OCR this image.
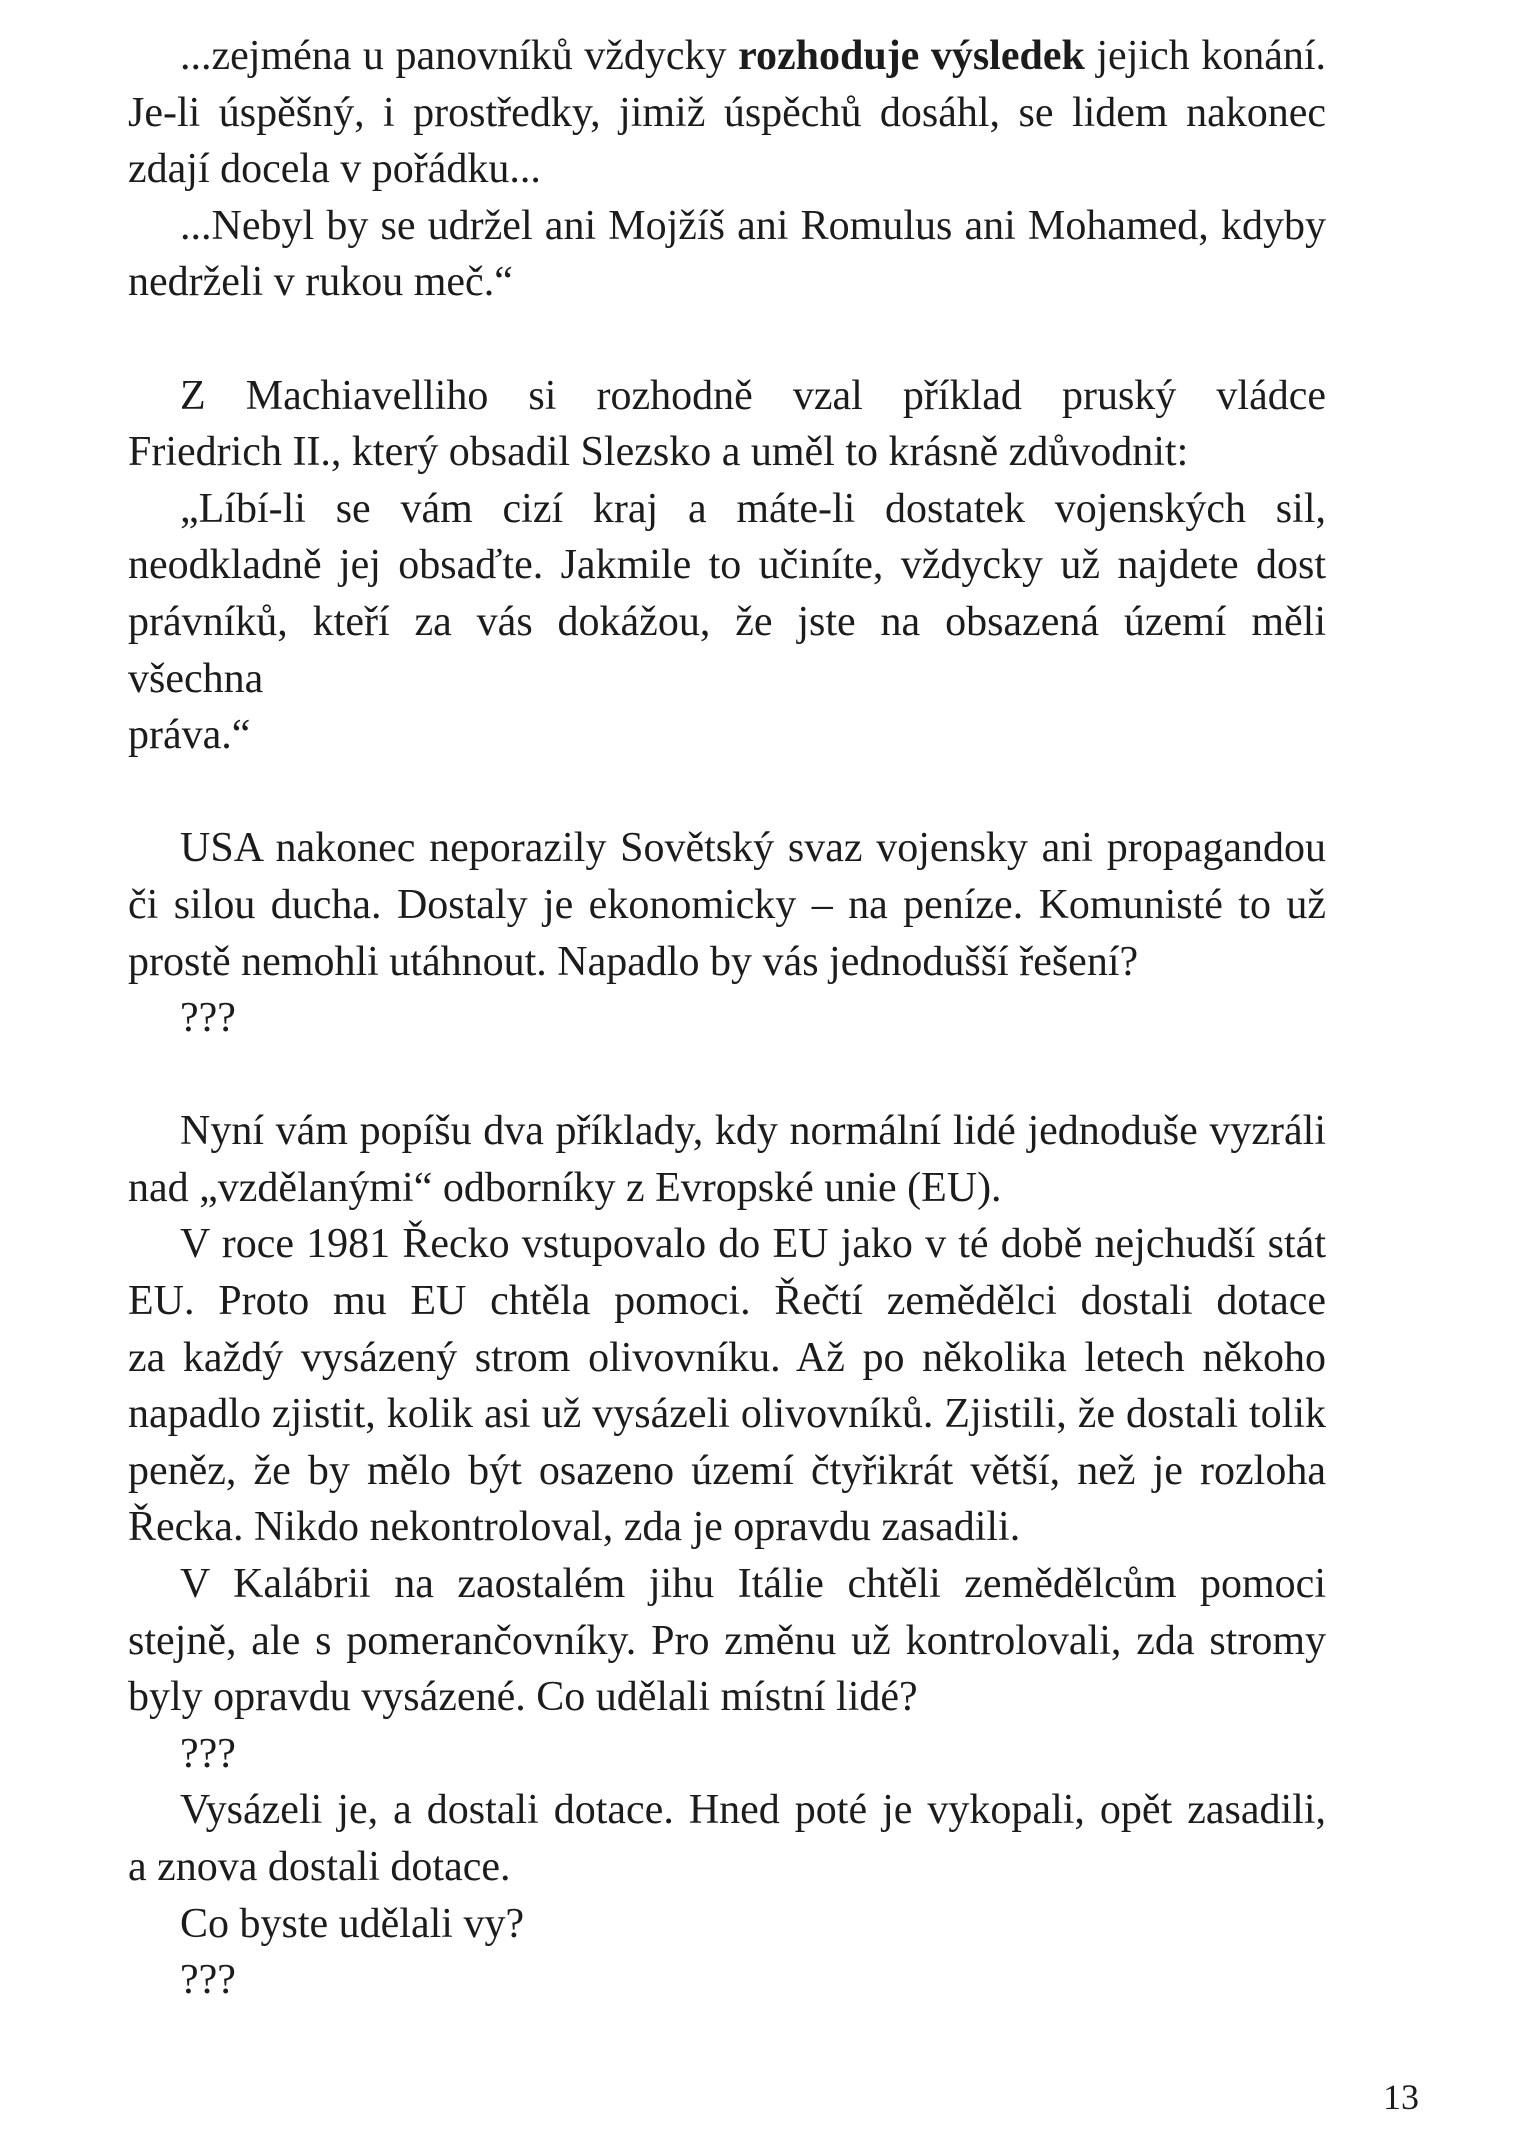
...zejména u panovníků vždycky rozhoduje výsledek jejich konání.
Je-li úspěšný, i prostředky, jimiž úspěchů dosáhl, se lidem nakonec
zdají docela v pořádku...
...Nebyl by se udržel ani Mojžíš ani Romulus ani Mohamed, kdyby
nedrželi v rukou meč.“
Z Machiavelliho si rozhodně vzal příklad pruský vládce
Friedrich II., který obsadil Slezsko a uměl to krásně zdůvodnit:
„Líbí-li se vám cizí kraj a máte-li dostatek vojenských sil,
neodkladně jej obsaďte. Jakmile to učiníte, vždycky už najdete dost
právníků, kteří za vás dokážou, že jste na obsazená území měli všechna
práva.“
USA nakonec neporazily Sovětský svaz vojensky ani propagandou
či silou ducha. Dostaly je ekonomicky – na peníze. Komunisté to už
prostě nemohli utáhnout. Napadlo by vás jednodušší řešení?
???
Nyní vám popíšu dva příklady, kdy normální lidé jednoduše vyzráli
nad „vzdělanými“ odborníky z Evropské unie (EU).
V roce 1981 Řecko vstupovalo do EU jako v té době nejchudší stát
EU. Proto mu EU chtěla pomoci. Řečtí zemědělci dostali dotace
za každý vysázený strom olivovníku. Až po několika letech někoho
napadlo zjistit, kolik asi už vysázeli olivovníků. Zjistili, že dostali tolik
peněz, že by mělo být osazeno území čtyřikrát větší, než je rozloha
Řecka. Nikdo nekontroloval, zda je opravdu zasadili.
V Kalábrii na zaostalém jihu Itálie chtěli zemědělcům pomoci
stejně, ale s pomerančovníky. Pro změnu už kontrolovali, zda stromy
byly opravdu vysázené. Co udělali místní lidé?
???
Vysázeli je, a dostali dotace. Hned poté je vykopali, opět zasadili,
a znova dostali dotace.
Co byste udělali vy?
???
13
